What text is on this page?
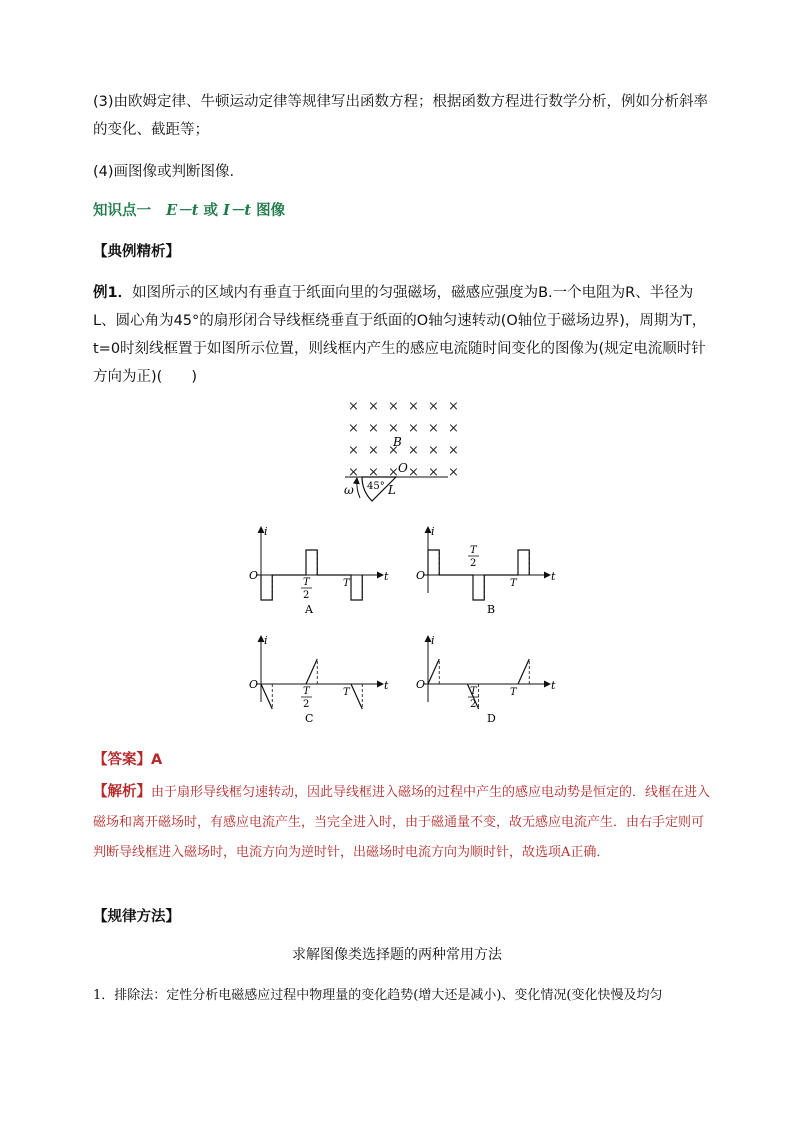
(3)由欧姆定律、牛顿运动定律等规律写出函数方程；根据函数方程进行数学分析，例如分析斜率的变化、截距等；
(4)画图像或判断图像．
知识点一 E－t 或 I－t 图像
【典例精析】
例1．如图所示的区域内有垂直于纸面向里的匀强磁场，磁感应强度为B.一个电阻为R、半径为L、圆心角为45°的扇形闭合导线框绕垂直于纸面的O轴匀速转动(O轴位于磁场边界)，周期为T，t=0时刻线框置于如图所示位置，则线框内产生的感应电流随时间变化的图像为(规定电流顺时针方向为正)(　　)
× × × × × ×
× × × × × ×
× × × × × ×
× × × × × ×
B
O
45° L
ω
i
t
O
T
2
T
A
i
t
O
T
2
T
B
i
t
O
T
2
T
C
i
t
O
T
2
T
D
【答案】A
【解析】由于扇形导线框匀速转动，因此导线框进入磁场的过程中产生的感应电动势是恒定的．线框在进入磁场和离开磁场时，有感应电流产生，当完全进入时，由于磁通量不变，故无感应电流产生．由右手定则可判断导线框进入磁场时，电流方向为逆时针，出磁场时电流方向为顺时针，故选项A正确．
【规律方法】
求解图像类选择题的两种常用方法
1．排除法：定性分析电磁感应过程中物理量的变化趋势(增大还是减小)、变化情况(变化快慢及均匀
